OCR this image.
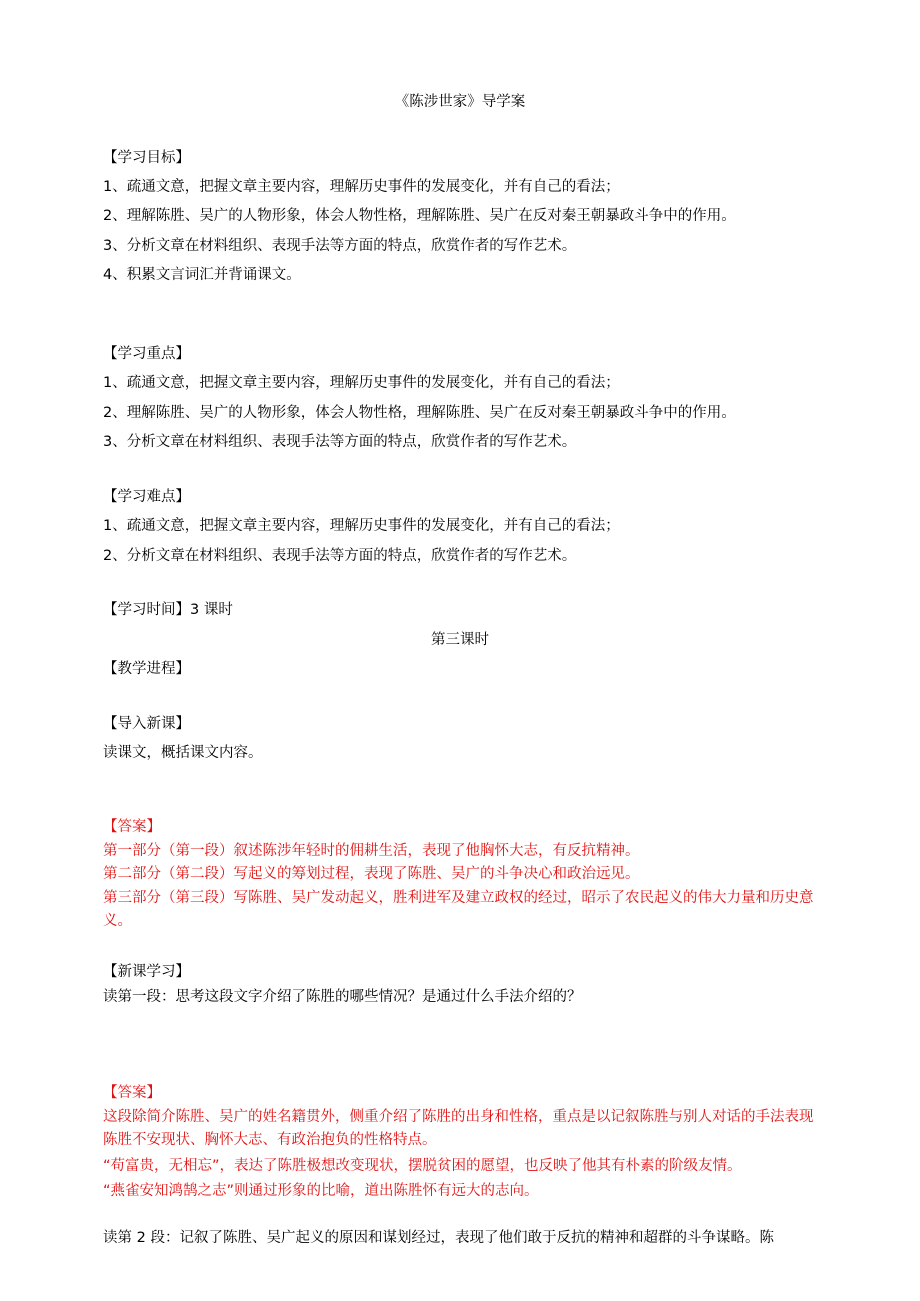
《陈涉世家》导学案
【学习目标】
1、疏通文意，把握文章主要内容，理解历史事件的发展变化，并有自己的看法；
2、理解陈胜、吴广的人物形象，体会人物性格，理解陈胜、吴广在反对秦王朝暴政斗争中的作用。
3、分析文章在材料组织、表现手法等方面的特点，欣赏作者的写作艺术。
4、积累文言词汇并背诵课文。
【学习重点】
1、疏通文意，把握文章主要内容，理解历史事件的发展变化，并有自己的看法；
2、理解陈胜、吴广的人物形象，体会人物性格，理解陈胜、吴广在反对秦王朝暴政斗争中的作用。
3、分析文章在材料组织、表现手法等方面的特点，欣赏作者的写作艺术。
【学习难点】
1、疏通文意，把握文章主要内容，理解历史事件的发展变化，并有自己的看法；
2、分析文章在材料组织、表现手法等方面的特点，欣赏作者的写作艺术。
【学习时间】3 课时
第三课时
【教学进程】
【导入新课】
读课文，概括课文内容。
【答案】
第一部分（第一段）叙述陈涉年轻时的佣耕生活，表现了他胸怀大志，有反抗精神。
第二部分（第二段）写起义的筹划过程，表现了陈胜、吴广的斗争决心和政治远见。
第三部分（第三段）写陈胜、吴广发动起义，胜利进军及建立政权的经过，昭示了农民起义的伟大力量和历史意义。
【新课学习】
读第一段：思考这段文字介绍了陈胜的哪些情况？是通过什么手法介绍的？
【答案】
这段除简介陈胜、吴广的姓名籍贯外，侧重介绍了陈胜的出身和性格，重点是以记叙陈胜与别人对话的手法表现陈胜不安现状、胸怀大志、有政治抱负的性格特点。
“苟富贵，无相忘”，表达了陈胜极想改变现状，摆脱贫困的愿望，也反映了他其有朴素的阶级友情。
“燕雀安知鸿鹄之志”则通过形象的比喻，道出陈胜怀有远大的志向。
读第 2 段：记叙了陈胜、吴广起义的原因和谋划经过，表现了他们敢于反抗的精神和超群的斗争谋略。陈
